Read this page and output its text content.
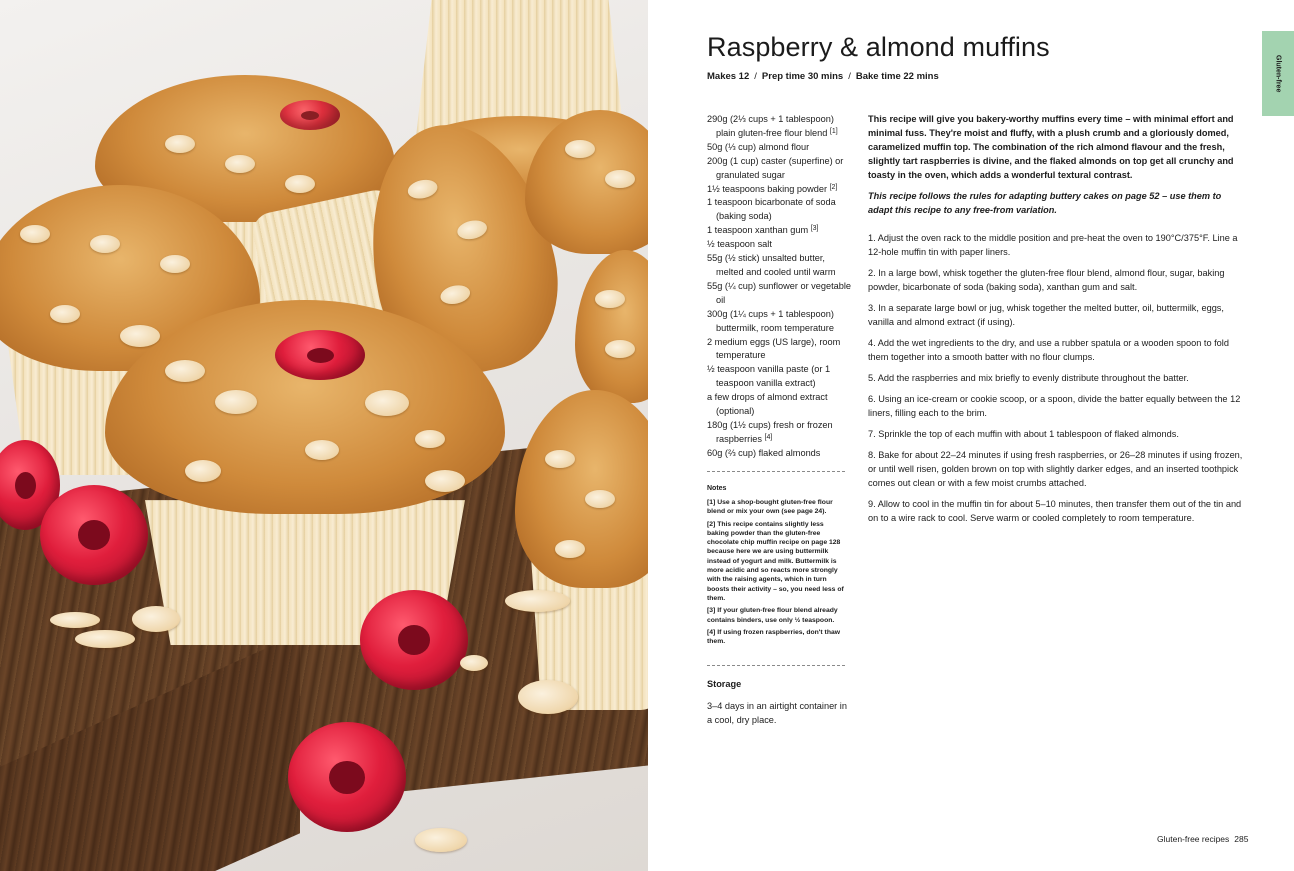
Raspberry & almond muffins
Makes 12 / Prep time 30 mins / Bake time 22 mins	Gluten-free
290g (2⅓ cups + 1 tablespoon) plain gluten-free flour blend [1]
50g (⅓ cup) almond flour
200g (1 cup) caster (superfine) or granulated sugar
1½ teaspoons baking powder [2]
1 teaspoon bicarbonate of soda (baking soda)
1 teaspoon xanthan gum [3]
½ teaspoon salt
55g (½ stick) unsalted butter, melted and cooled until warm
55g (¼ cup) sunflower or vegetable oil
300g (1¼ cups + 1 tablespoon) buttermilk, room temperature
2 medium eggs (US large), room temperature
½ teaspoon vanilla paste (or 1 teaspoon vanilla extract)
a few drops of almond extract (optional)
180g (1½ cups) fresh or frozen raspberries [4]
60g (⅔ cup) flaked almonds
Notes

[1] Use a shop-bought gluten-free flour blend or mix your own (see page 24).

[2] This recipe contains slightly less baking powder than the gluten-free chocolate chip muffin recipe on page 128 because here we are using buttermilk instead of yogurt and milk. Buttermilk is more acidic and so reacts more strongly with the raising agents, which in turn boosts their activity – so, you need less of them.

[3] If your gluten-free flour blend already contains binders, use only ½ teaspoon.

[4] If using frozen raspberries, don't thaw them.

Storage
3–4 days in an airtight container in a cool, dry place.

This recipe will give you bakery-worthy muffins every time – with minimal effort and minimal fuss. They're moist and fluffy, with a plush crumb and a gloriously domed, caramelized muffin top. The combination of the rich almond flavour and the fresh, slightly tart raspberries is divine, and the flaked almonds on top get all crunchy and toasty in the oven, which adds a wonderful textural contrast.

This recipe follows the rules for adapting buttery cakes on page 52 – use them to adapt this recipe to any free-from variation.

1. Adjust the oven rack to the middle position and pre-heat the oven to 190°C/375°F. Line a 12-hole muffin tin with paper liners.
2. In a large bowl, whisk together the gluten-free flour blend, almond flour, sugar, baking powder, bicarbonate of soda (baking soda), xanthan gum and salt.
3. In a separate large bowl or jug, whisk together the melted butter, oil, buttermilk, eggs, vanilla and almond extract (if using).
4. Add the wet ingredients to the dry, and use a rubber spatula or a wooden spoon to fold them together into a smooth batter with no flour clumps.
5. Add the raspberries and mix briefly to evenly distribute throughout the batter.
6. Using an ice-cream or cookie scoop, or a spoon, divide the batter equally between the 12 liners, filling each to the brim.
7. Sprinkle the top of each muffin with about 1 tablespoon of flaked almonds.
8. Bake for about 22–24 minutes if using fresh raspberries, or 26–28 minutes if using frozen, or until well risen, golden brown on top with slightly darker edges, and an inserted toothpick comes out clean or with a few moist crumbs attached.
9. Allow to cool in the muffin tin for about 5–10 minutes, then transfer them out of the tin and on to a wire rack to cool. Serve warm or cooled completely to room temperature.
Gluten-free recipes 285
